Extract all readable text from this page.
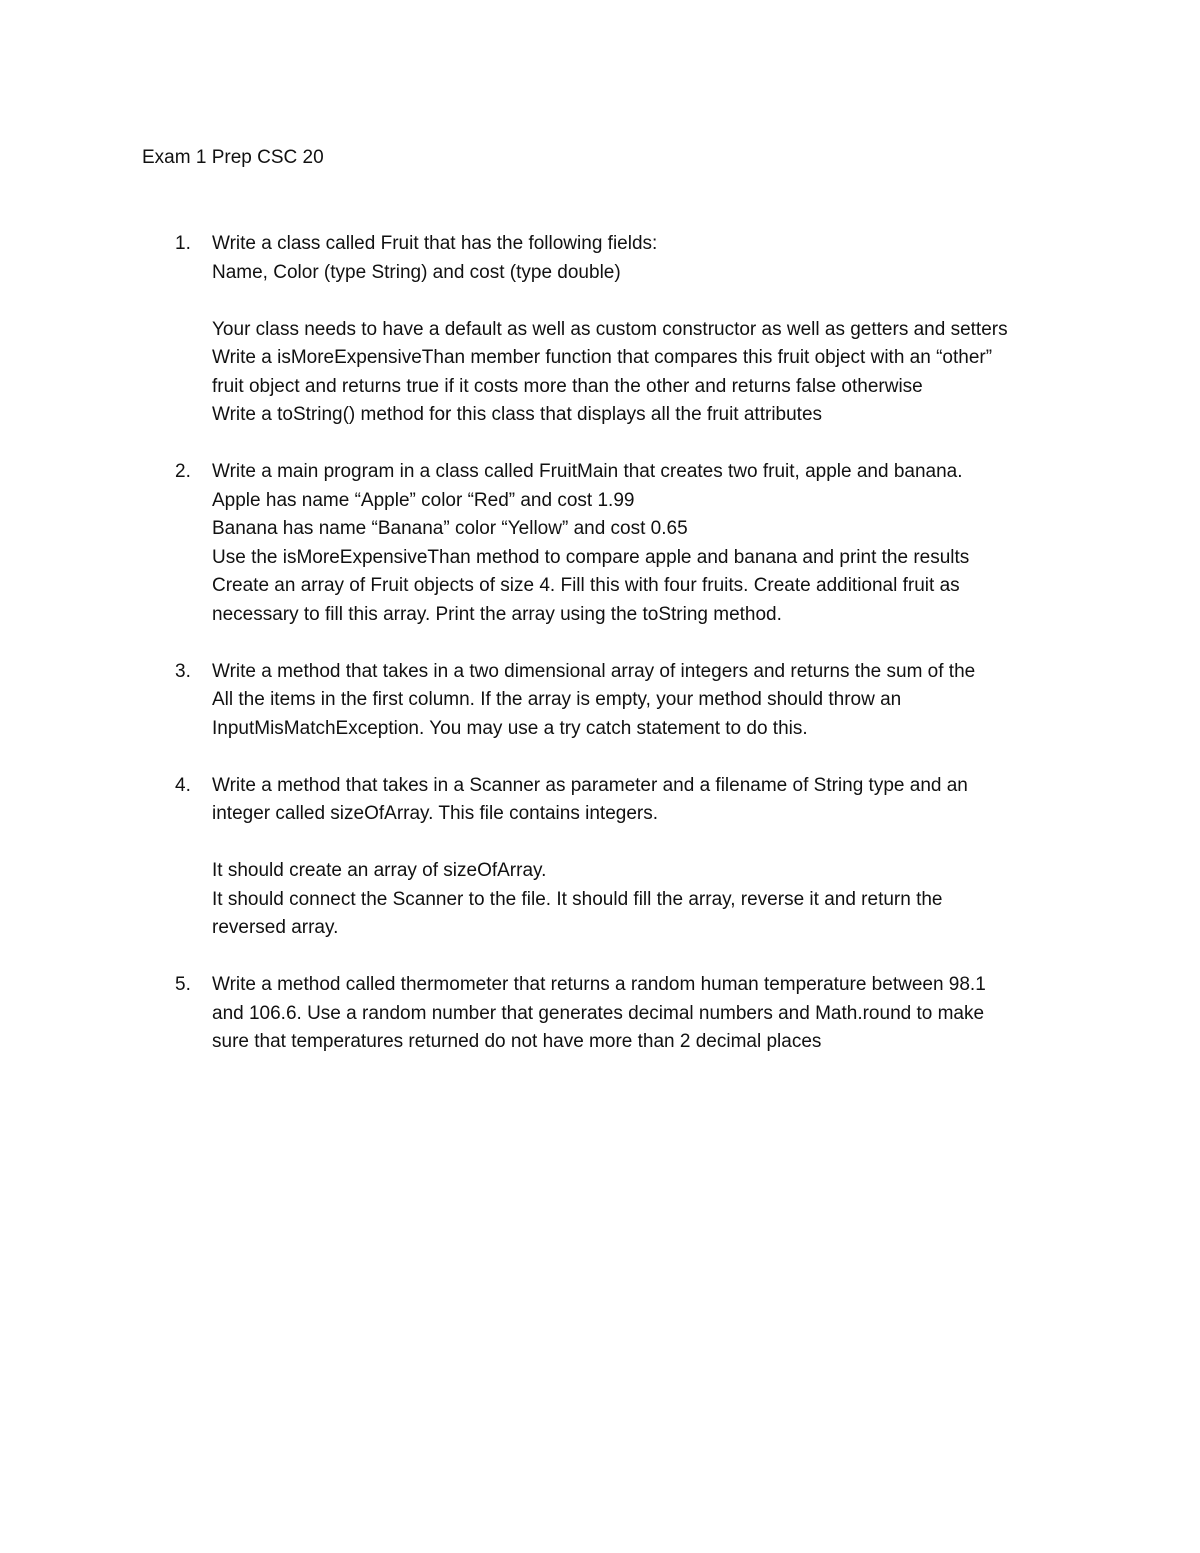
Exam 1 Prep CSC 20
1. Write a class called Fruit that has the following fields:
Name, Color (type String) and cost (type double)
Your class needs to have a default as well as custom constructor as well as getters and setters
Write a isMoreExpensiveThan member function that compares this fruit object with an “other”
fruit object and returns true if it costs more than the other and returns false otherwise
Write a toString() method for this class that displays all the fruit attributes
2. Write a main program in a class called FruitMain that creates two fruit, apple and banana.
Apple has name “Apple” color “Red” and cost 1.99
Banana has name “Banana” color “Yellow” and cost 0.65
Use the isMoreExpensiveThan method to compare apple and banana and print the results
Create an array of Fruit objects of size 4. Fill this with four fruits. Create additional fruit as
necessary to fill this array. Print the array using the toString method.
3. Write a method that takes in a two dimensional array of integers and returns the sum of the
All the items in the first column. If the array is empty, your method should throw an
InputMisMatchException. You may use a try catch statement to do this.
4. Write a method that takes in a Scanner as parameter and a filename of String type and an
integer called sizeOfArray. This file contains integers.
It should create an array of sizeOfArray.
It should connect the Scanner to the file. It should fill the array, reverse it and return the
reversed array.
5. Write a method called thermometer that returns a random human temperature between 98.1
and 106.6. Use a random number that generates decimal numbers and Math.round to make
sure that temperatures returned do not have more than 2 decimal places
